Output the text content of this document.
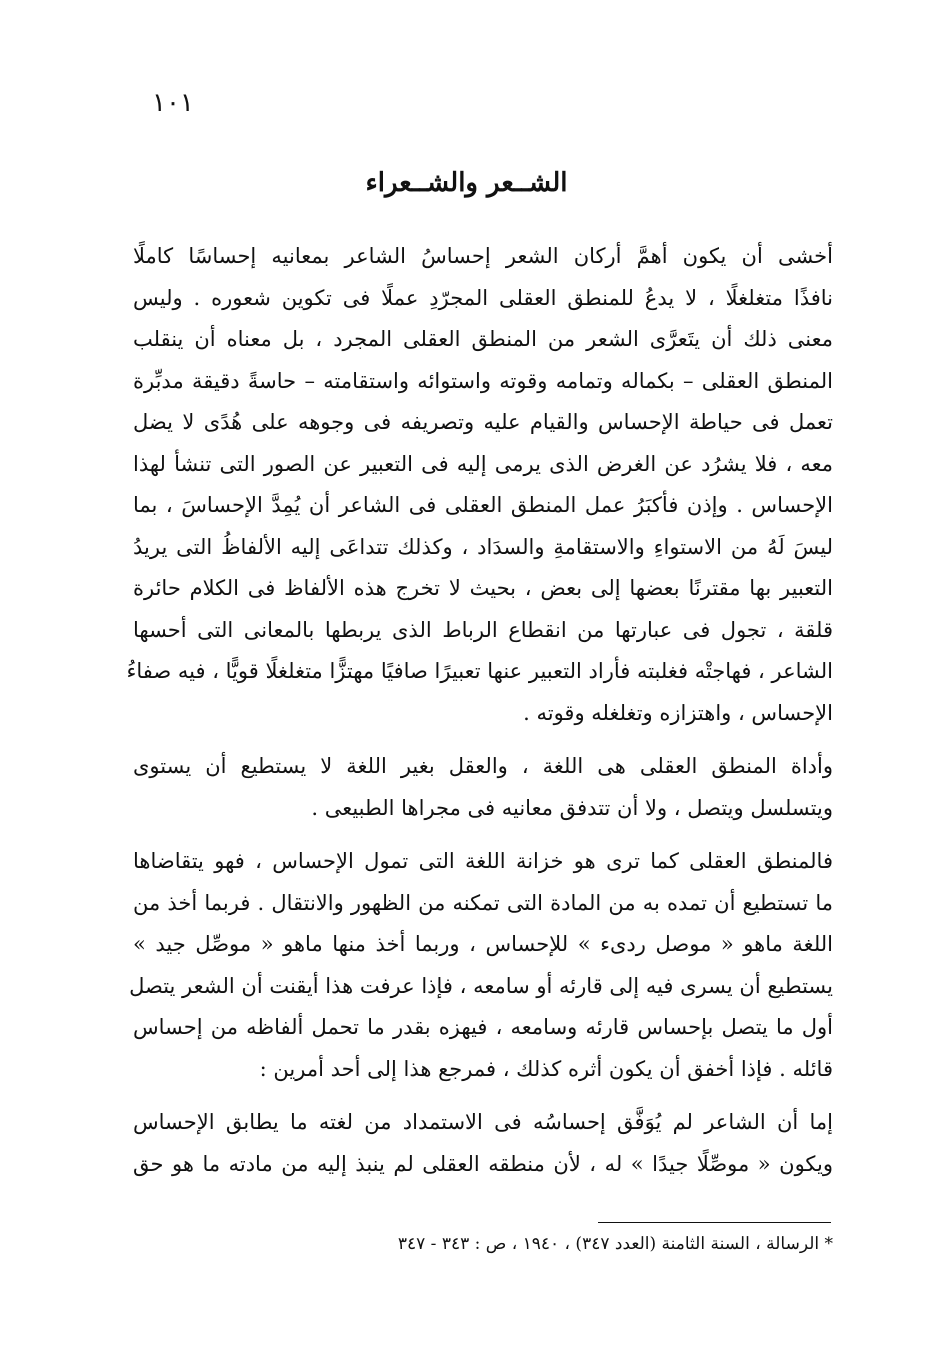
١٠١
الشــعر والشــعراء
أخشى أن يكون أهمَّ أركان الشعر إحساسُ الشاعر بمعانيه إحساسًا كاملًا
نافذًا متغلغلًا ، لا يدعُ للمنطق العقلى المجرّدِ عملًا فى تكوين شعوره . وليس
معنى ذلك أن يتَعرَّى الشعر من المنطق العقلى المجرد ، بل معناه أن ينقلب
المنطق العقلى – بكماله وتمامه وقوته واستوائه واستقامته – حاسةً دقيقة مدبِّرة
تعمل فى حياطة الإحساس والقيام عليه وتصريفه فى وجوهه على هُدًى لا يضل
معه ، فلا يشرُد عن الغرض الذى يرمى إليه فى التعبير عن الصور التى تنشأ لهذا
الإحساس . وإذن فأكبَرُ عمل المنطق العقلى فى الشاعر أن يُمِدَّ الإحساسَ ، بما
ليسَ لَهُ من الاستواءِ والاستقامةِ والسدَاد ، وكذلك تتداعَى إليه الألفاظُ التى يريدُ
التعبير بها مقترنًا بعضها إلى بعض ، بحيث لا تخرج هذه الألفاظ فى الكلام حائرة
قلقة ، تجول فى عبارتها من انقطاع الرباط الذى يربطها بالمعانى التى أحسها
الشاعر ، فهاجتْه فغلبته فأراد التعبير عنها تعبيرًا صافيًا مهتزًّا متغلغلًا قويًّا ، فيه صفاءُ
الإحساس ، واهتزازه وتغلغله وقوته .
وأداة المنطق العقلى هى اللغة ، والعقل بغير اللغة لا يستطيع أن يستوى
ويتسلسل ويتصل ، ولا أن تتدفق معانيه فى مجراها الطبيعى .
فالمنطق العقلى كما ترى هو خزانة اللغة التى تمول الإحساس ، فهو يتقاضاها
ما تستطيع أن تمده به من المادة التى تمكنه من الظهور والانتقال . فربما أخذ من
اللغة ماهو « موصل ردىء » للإحساس ، وربما أخذ منها ماهو « موصِّل جيد »
يستطيع أن يسرى فيه إلى قارئه أو سامعه ، فإذا عرفت هذا أيقنت أن الشعر يتصل
أول ما يتصل بإحساس قارئه وسامعه ، فيهزه بقدر ما تحمل ألفاظه من إحساس
قائله . فإذا أخفق أن يكون أثره كذلك ، فمرجع هذا إلى أحد أمرين :
إما أن الشاعر لم يُوَفَّق إحساسُه فى الاستمداد من لغته ما يطابق الإحساس
ويكون « موصِّلًا جيدًا » له ، لأن منطقه العقلى لم ينبذ إليه من مادته ما هو حق
* الرسالة ، السنة الثامنة (العدد ٣٤٧) ، ١٩٤٠ ، ص : ٣٤٣ - ٣٤٧
